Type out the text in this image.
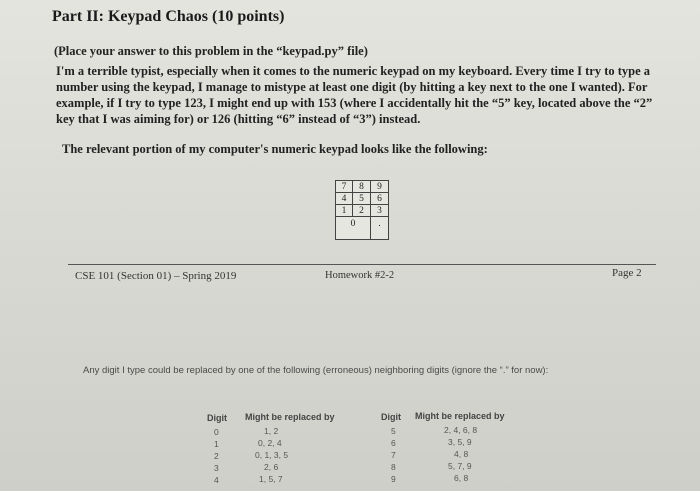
Part II: Keypad Chaos (10 points)
(Place your answer to this problem in the “keypad.py” file)
I'm a terrible typist, especially when it comes to the numeric keypad on my keyboard. Every time I try to type a number using the keypad, I manage to mistype at least one digit (by hitting a key next to the one I wanted). For example, if I try to type 123, I might end up with 153 (where I accidentally hit the “5” key, located above the “2” key that I was aiming for) or 126 (hitting “6” instead of “3”) instead.
The relevant portion of my computer's numeric keypad looks like the following:
7	8	9
4	5	6
1	2	3
0	.
CSE 101 (Section 01) – Spring 2019	Homework #2-2	Page 2
Any digit I type could be replaced by one of the following (erroneous) neighboring digits (ignore the “.” for now):
Digit Might be replaced by	Digit Might be replaced by
0	1, 2
1	0, 2, 4
2	0, 1, 3, 5
3	2, 6
4	1, 5, 7
5	2, 4, 6, 8
6	3, 5, 9
7	4, 8
8	5, 7, 9
9	6, 8
